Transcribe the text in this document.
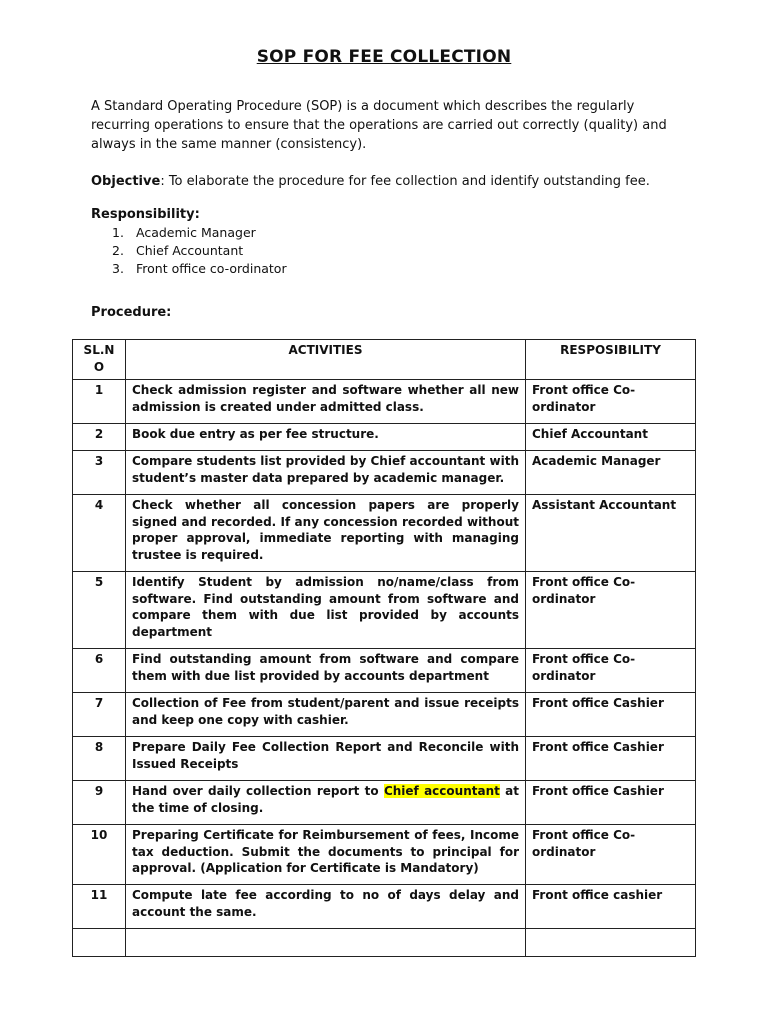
SOP FOR FEE COLLECTION
A Standard Operating Procedure (SOP) is a document which describes the regularly recurring operations to ensure that the operations are carried out correctly (quality) and always in the same manner (consistency).
Objective: To elaborate the procedure for fee collection and identify outstanding fee.
Responsibility:
1. Academic Manager
2. Chief Accountant
3. Front office co-ordinator
Procedure:
SL.N O	ACTIVITIES	RESPOSIBILITY
1	Check admission register and software whether all new admission is created under admitted class.	Front office Co-ordinator
2	Book due entry as per fee structure.	Chief Accountant
3	Compare students list provided by Chief accountant with student’s master data prepared by academic manager.	Academic Manager
4	Check whether all concession papers are properly signed and recorded. If any concession recorded without proper approval, immediate reporting with managing trustee is required.	Assistant Accountant
5	Identify Student by admission no/name/class from software. Find outstanding amount from software and compare them with due list provided by accounts department	Front office Co-ordinator
6	Find outstanding amount from software and compare them with due list provided by accounts department	Front office Co-ordinator
7	Collection of Fee from student/parent and issue receipts and keep one copy with cashier.	Front office Cashier
8	Prepare Daily Fee Collection Report and Reconcile with Issued Receipts	Front office Cashier
9	Hand over daily collection report to Chief accountant at the time of closing.	Front office Cashier
10	Preparing Certificate for Reimbursement of fees, Income tax deduction. Submit the documents to principal for approval. (Application for Certificate is Mandatory)	Front office Co-ordinator
11	Compute late fee according to no of days delay and account the same.	Front office cashier
